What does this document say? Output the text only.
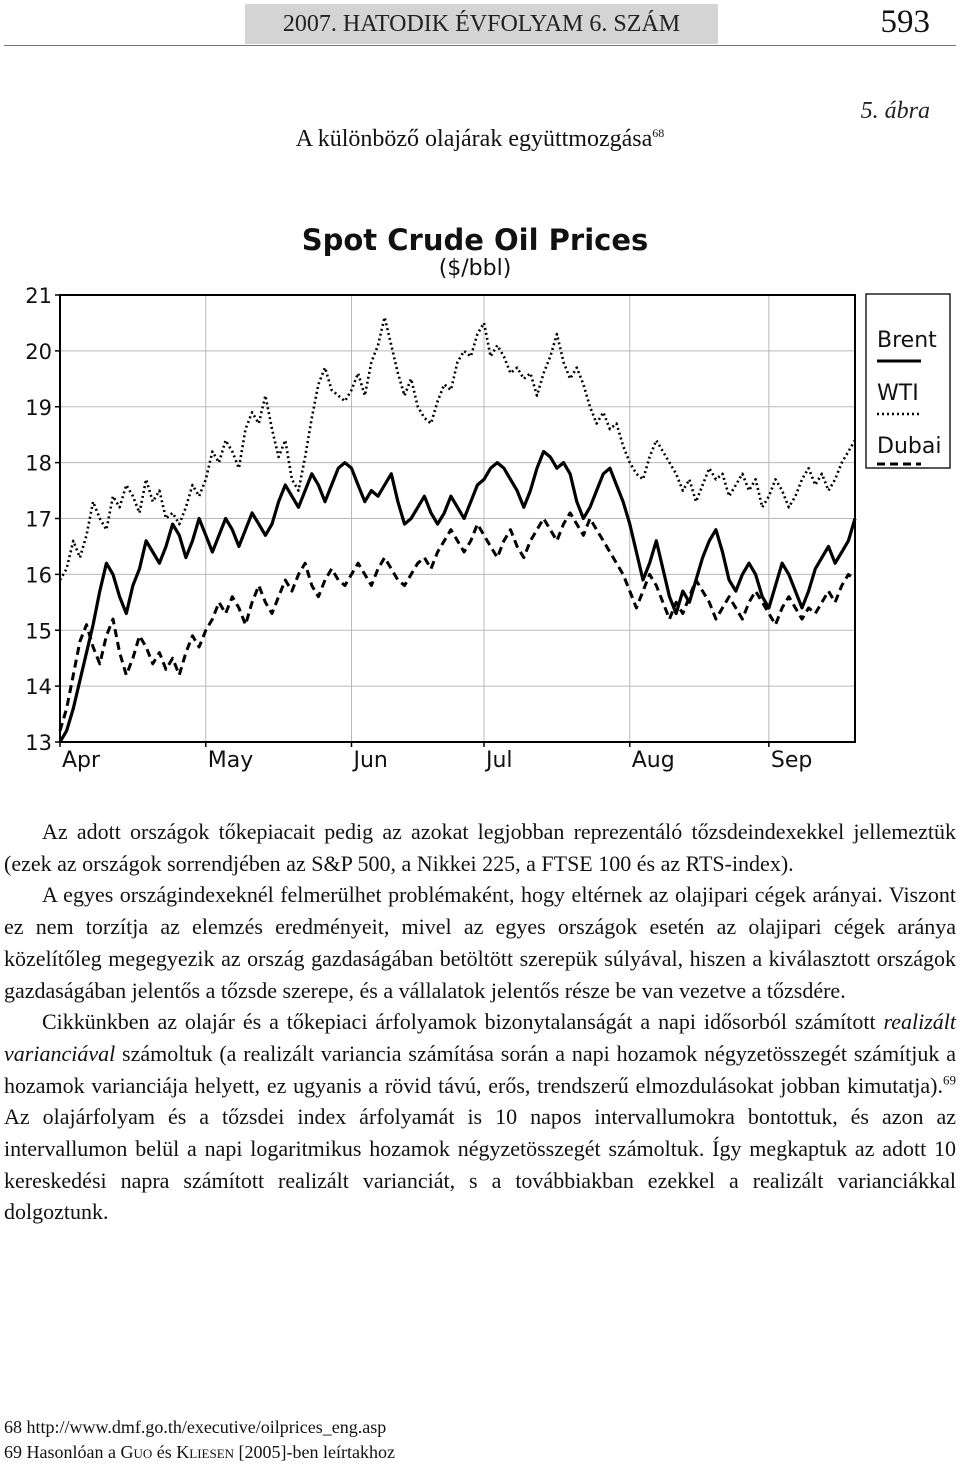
2007. HATODIK ÉVFOLYAM 6. SZÁM	593
5. ábra
A különböző olajárak együttmozgása$^{68}$
Spot Crude Oil Prices
($/bbl)
13
14
15
16
17
18
19
20
21
Apr	May	Jun	Jul	Aug	Sep
Brent
WTI
Dubai

Az adott országok tőkepiacait pedig az azokat legjobban reprezentáló tőzsdeindexekkel jellemeztük (ezek az országok sorrendjében az S&P 500, a Nikkei 225, a FTSE 100 és az RTS-index).

A egyes országindexeknél felmerülhet problémaként, hogy eltérnek az olajipari cégek arányai. Viszont ez nem torzítja az elemzés eredményeit, mivel az egyes országok esetén az olajipari cégek aránya közelítőleg megegyezik az ország gazdaságában betöltött szerepük súlyával, hiszen a kiválasztott országok gazdaságában jelentős a tőzsde szerepe, és a vállalatok jelentős része be van vezetve a tőzsdére.

Cikkünkben az olajár és a tőkepiaci árfolyamok bizonytalanságát a napi idősorból számított realizált varianciával számoltuk (a realizált variancia számítása során a napi hozamok négyzetösszegét számítjuk a hozamok varianciája helyett, ez ugyanis a rövid távú, erős, trendszerű elmozdulásokat jobban kimutatja).$^{69}$ Az olajárfolyam és a tőzsdei index árfolyamát is 10 napos intervallumokra bontottuk, és azon az intervallumon belül a napi logaritmikus hozamok négyzetösszegét számoltuk. Így megkaptuk az adott 10 kereskedési napra számított realizált varianciát, s a továbbiakban ezekkel a realizált varianciákkal dolgoztunk.

68 http://www.dmf.go.th/executive/oilprices_eng.asp
69 Hasonlóan a Guo és Kliesen [2005]-ben leírtakhoz
